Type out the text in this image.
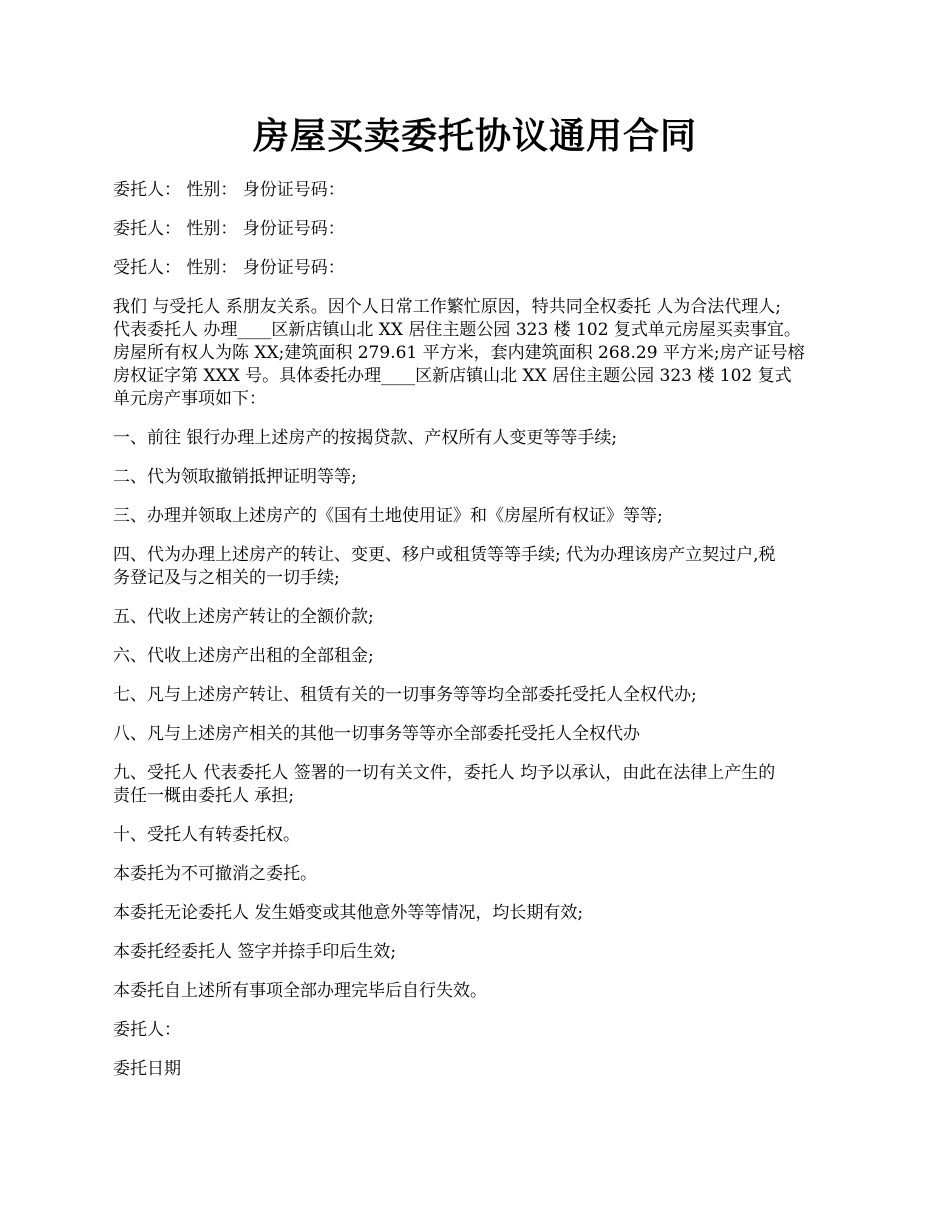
房屋买卖委托协议通用合同

委托人： 性别： 身份证号码：

委托人： 性别： 身份证号码：

受托人： 性别： 身份证号码：

我们 与受托人 系朋友关系。因个人日常工作繁忙原因，特共同全权委托 人为合法代理人;
代表委托人 办理____区新店镇山北 XX 居住主题公园 323 楼 102 复式单元房屋买卖事宜。
房屋所有权人为陈 XX;建筑面积 279.61 平方米，套内建筑面积 268.29 平方米;房产证号榕
房权证字第 XXX 号。具体委托办理____区新店镇山北 XX 居住主题公园 323 楼 102 复式
单元房产事项如下：

一、前往 银行办理上述房产的按揭贷款、产权所有人变更等等手续;

二、代为领取撤销抵押证明等等;

三、办理并领取上述房产的《国有土地使用证》和《房屋所有权证》等等;

四、代为办理上述房产的转让、变更、移户或租赁等等手续; 代为办理该房产立契过户,税
务登记及与之相关的一切手续;

五、代收上述房产转让的全额价款;

六、代收上述房产出租的全部租金;

七、凡与上述房产转让、租赁有关的一切事务等等均全部委托受托人全权代办;

八、凡与上述房产相关的其他一切事务等等亦全部委托受托人全权代办

九、受托人 代表委托人 签署的一切有关文件，委托人 均予以承认，由此在法律上产生的
责任一概由委托人 承担;

十、受托人有转委托权。

本委托为不可撤消之委托。

本委托无论委托人 发生婚变或其他意外等等情况，均长期有效;

本委托经委托人 签字并捺手印后生效;

本委托自上述所有事项全部办理完毕后自行失效。

委托人：

委托日期
